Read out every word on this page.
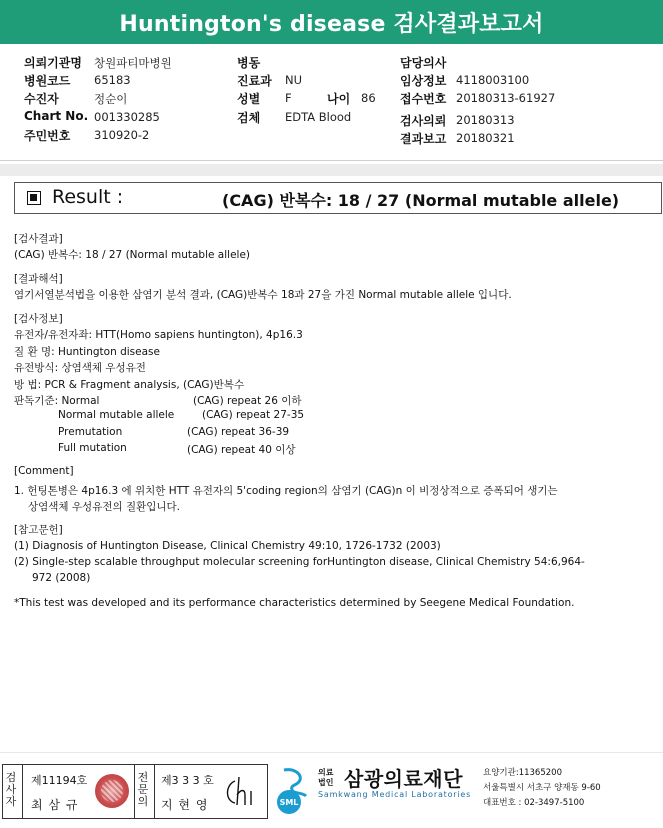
Huntington's disease 검사결과보고서
의뢰기관명 창원파티마병원
병원코드 65183
수진자	정순이
Chart No. 001330285
주민번호 310920-2
병동
진료과 NU
성별 F	나이 86
검체 EDTA Blood
담당의사
임상정보 4118003100
접수번호 20180313-61927
검사의뢰 20180313
결과보고 20180321
Result :	(CAG) 반복수: 18 / 27 (Normal mutable allele)
[검사결과]
(CAG) 반복수: 18 / 27 (Normal mutable allele)
[결과해석]
염기서열분석법을 이용한 삼염기 분석 결과, (CAG)반복수 18과 27을 가진 Normal mutable allele 입니다.
[검사정보]
유전자/유전자좌: HTT(Homo sapiens huntington), 4p16.3
질 환 명: Huntington disease
유전방식: 상염색체 우성유전
방 법: PCR & Fragment analysis, (CAG)반복수
판독기준: Normal	(CAG) repeat 26 이하
Normal mutable allele	(CAG) repeat 27-35
Premutation	(CAG) repeat 36-39
Full mutation	(CAG) repeat 40 이상
[Comment]
1. 헌팅톤병은 4p16.3 에 위치한 HTT 유전자의 5'coding region의 삼염기 (CAG)n 이 비정상적으로 증폭되어 생기는
상염색체 우성유전의 질환입니다.
[참고문헌]
(1) Diagnosis of Huntington Disease, Clinical Chemistry 49:10, 1726-1732 (2003)
(2) Single-step scalable throughput molecular screening forHuntington disease, Clinical Chemistry 54:6,964-
972 (2008)
*This test was developed and its performance characteristics determined by Seegene Medical Foundation.
검사자
제11194호
최 삼 규
전문의
제3 3 3 호
지 현 영	SML
의료
법인 삼광의료재단
Samkwang Medical Laboratories
요양기관:11365200
서울특별시 서초구 양재동 9-60
대표번호 : 02-3497-5100
